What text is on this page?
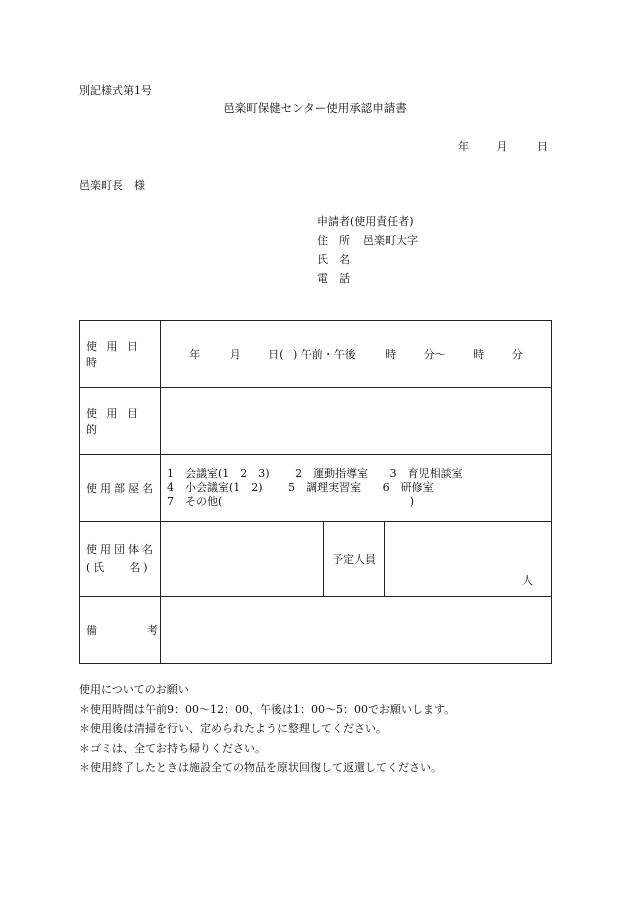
別記様式第1号
邑楽町保健センター使用承認申請書
年	月	日
邑楽町長　様
申請者(使用責任者)
住　所 邑楽町大字
氏　名
電　話
使 用 日 時	年 月 日( ) 午前・午後 時 分〜 時 分		
使 用 目 的			
使用部屋名	1　会議室(1　2　3) 2　運動指導室 3　育児相談室
4　小会議室(1　2) 5　調理実習室 6　研修室
7　その他( )		

使用団体名
(氏 名)		予定人員	人
備 考			
使用についてのお願い
＊使用時間は午前9：00〜12：00、午後は1：00〜5：00でお願いします。
＊使用後は清掃を行い、定められたように整理してください。
＊ゴミは、全てお持ち帰りください。
＊使用終了したときは施設全ての物品を原状回復して返還してください。
